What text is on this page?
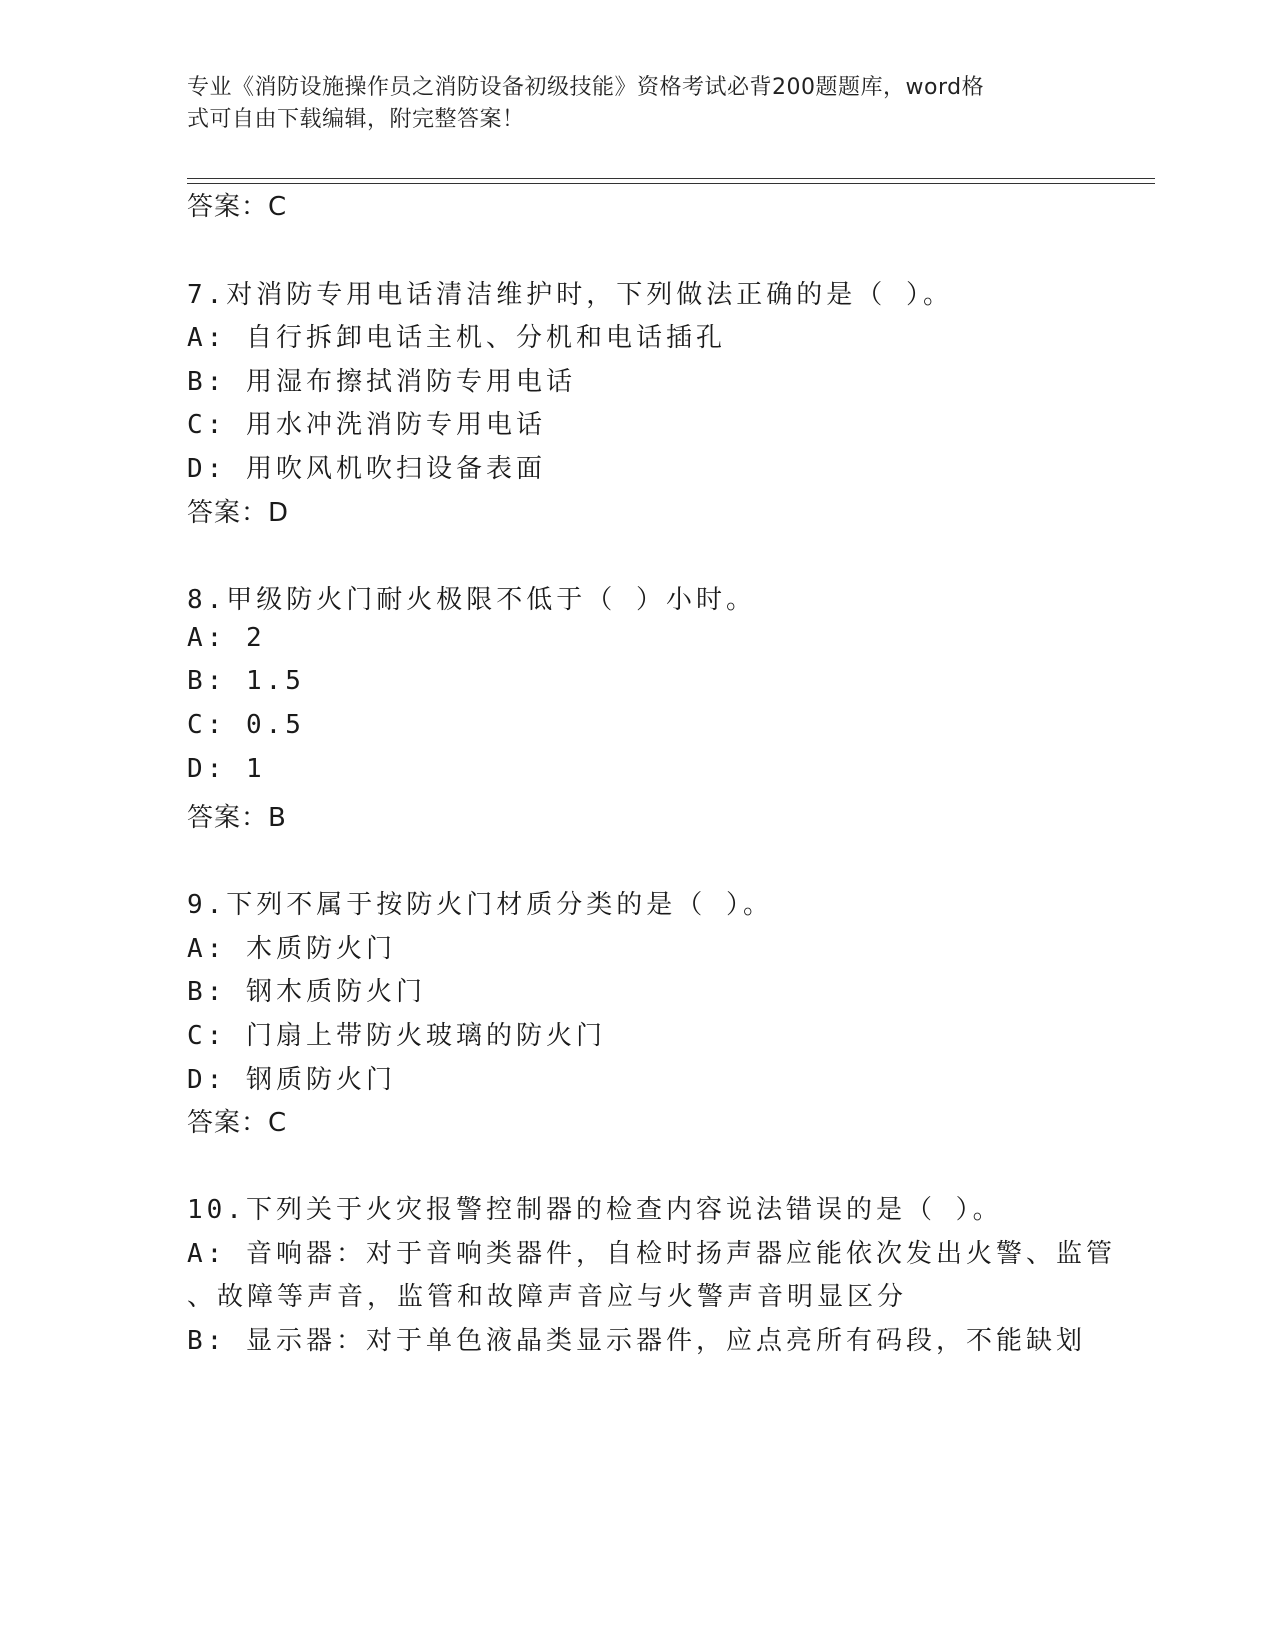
专业《消防设施操作员之消防设备初级技能》资格考试必背200题题库，word格
式可自由下载编辑，附完整答案！
答案：C
7.对消防专用电话清洁维护时，下列做法正确的是（ ）。
A: 自行拆卸电话主机、分机和电话插孔
B: 用湿布擦拭消防专用电话
C: 用水冲洗消防专用电话
D: 用吹风机吹扫设备表面
答案：D
8.甲级防火门耐火极限不低于（ ）小时。
A: 2
B: 1.5
C: 0.5
D: 1
答案：B
9.下列不属于按防火门材质分类的是（ ）。
A: 木质防火门
B: 钢木质防火门
C: 门扇上带防火玻璃的防火门
D: 钢质防火门
答案：C
10.下列关于火灾报警控制器的检查内容说法错误的是（ ）。
A: 音响器：对于音响类器件，自检时扬声器应能依次发出火警、监管
、故障等声音，监管和故障声音应与火警声音明显区分
B: 显示器：对于单色液晶类显示器件，应点亮所有码段，不能缺划
